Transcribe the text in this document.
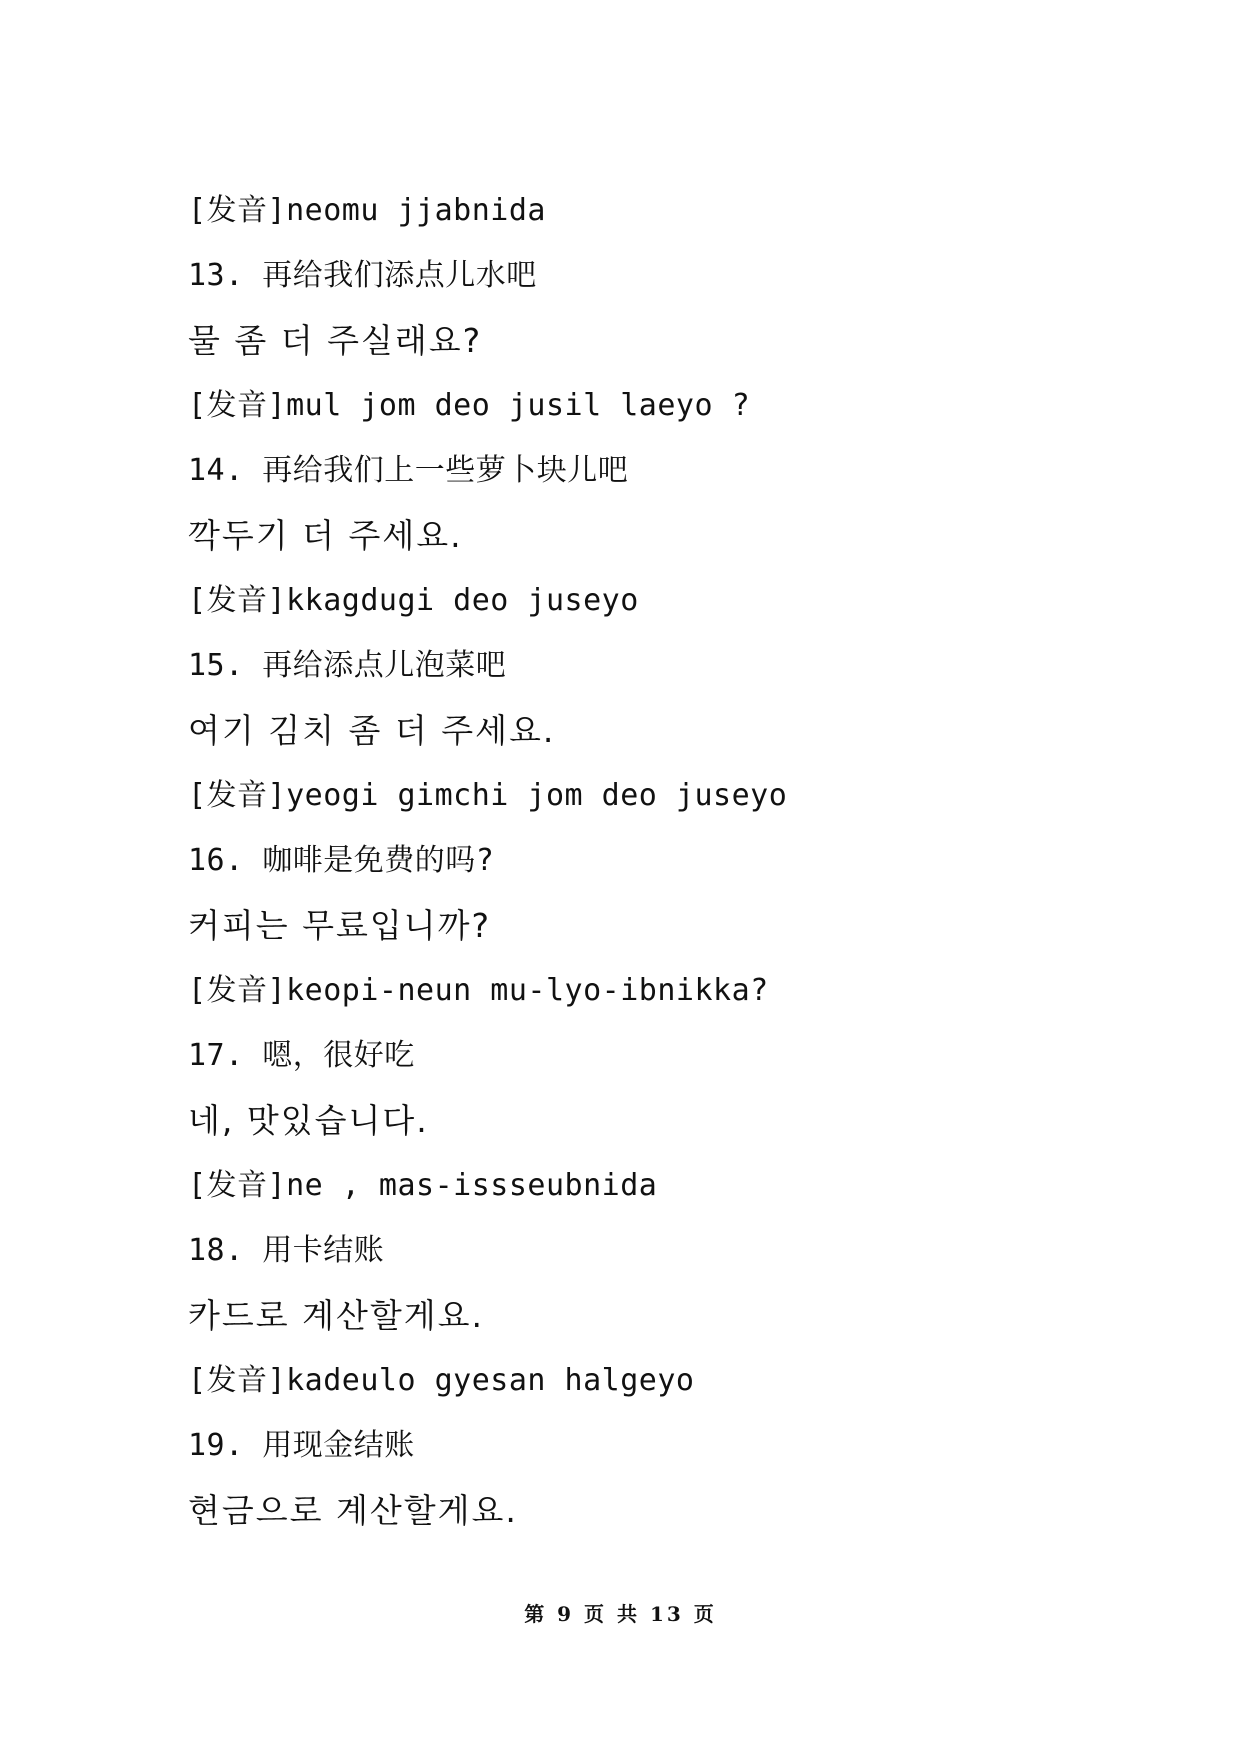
[发音]neomu jjabnida
13. 再给我们添点儿水吧
물 좀 더 주실래요?
[发音]mul jom deo jusil laeyo ?
14. 再给我们上一些萝卜块儿吧
깍두기 더 주세요.
[发音]kkagdugi deo juseyo
15. 再给添点儿泡菜吧
여기 김치 좀 더 주세요.
[发音]yeogi gimchi jom deo juseyo
16. 咖啡是免费的吗?
커피는 무료입니까?
[发音]keopi-neun mu-lyo-ibnikka?
17. 嗯，很好吃
네, 맛있습니다.
[发音]ne , mas-issseubnida
18. 用卡结账
카드로 계산할게요.
[发音]kadeulo gyesan halgeyo
19. 用现金结账
현금으로 계산할게요.
第 9 页 共 13 页
